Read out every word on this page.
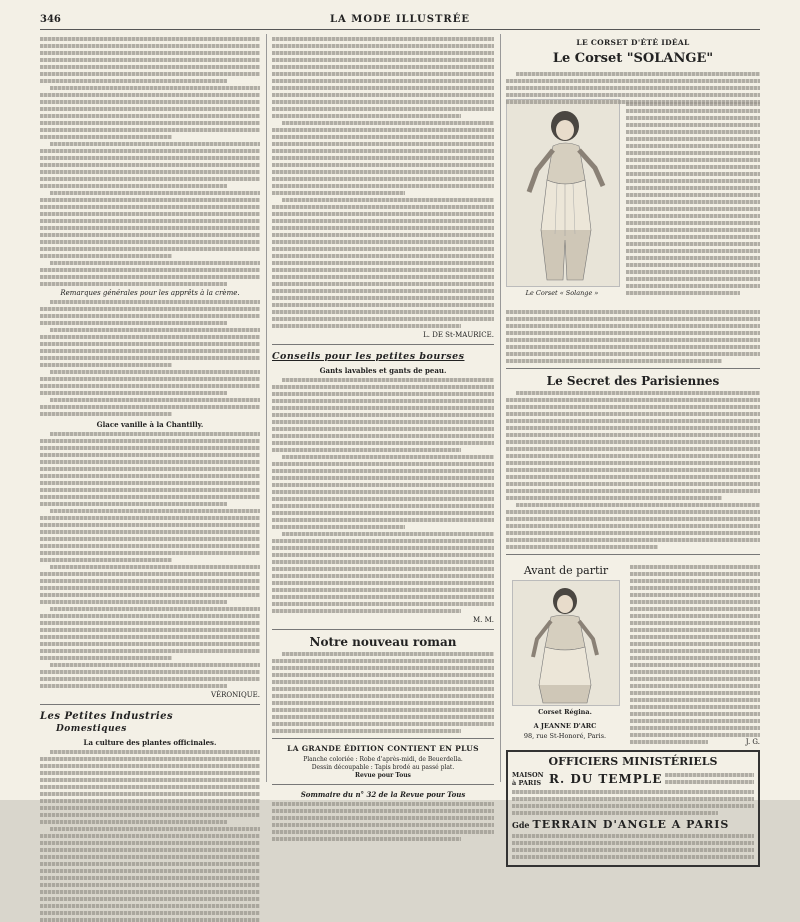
346	LA MODE ILLUSTRÉE
Remarques générales pour les apprêts à la crème.
Glace vanille à la Chantilly.
VÉRONIQUE.
Les Petites Industries
Domestiques
La culture des plantes officinales.
L. DE St-MAURICE.
Conseils pour les petites bourses
Gants lavables et gants de peau.
M. M.
Notre nouveau roman
LA GRANDE ÉDITION CONTIENT EN PLUS
Planche coloriée : Robe d'après-midi, de Beuerdella.
Dessin découpable : Tapis brodé au passé plat.
Revue pour Tous
Sommaire du n° 32 de la Revue pour Tous
LE CORSET D'ÉTÉ IDÉAL
Le Corset "SOLANGE"
Le Corset « Solange »
Le Secret des Parisiennes
Avant de partir
Corset Régina.
A JEANNE D'ARC
98, rue St-Honoré, Paris.
J. G.
OFFICIERS MINISTÉRIELS
MAISON à PARIS R. DU TEMPLE
Gde TERRAIN D'ANGLE A PARIS
